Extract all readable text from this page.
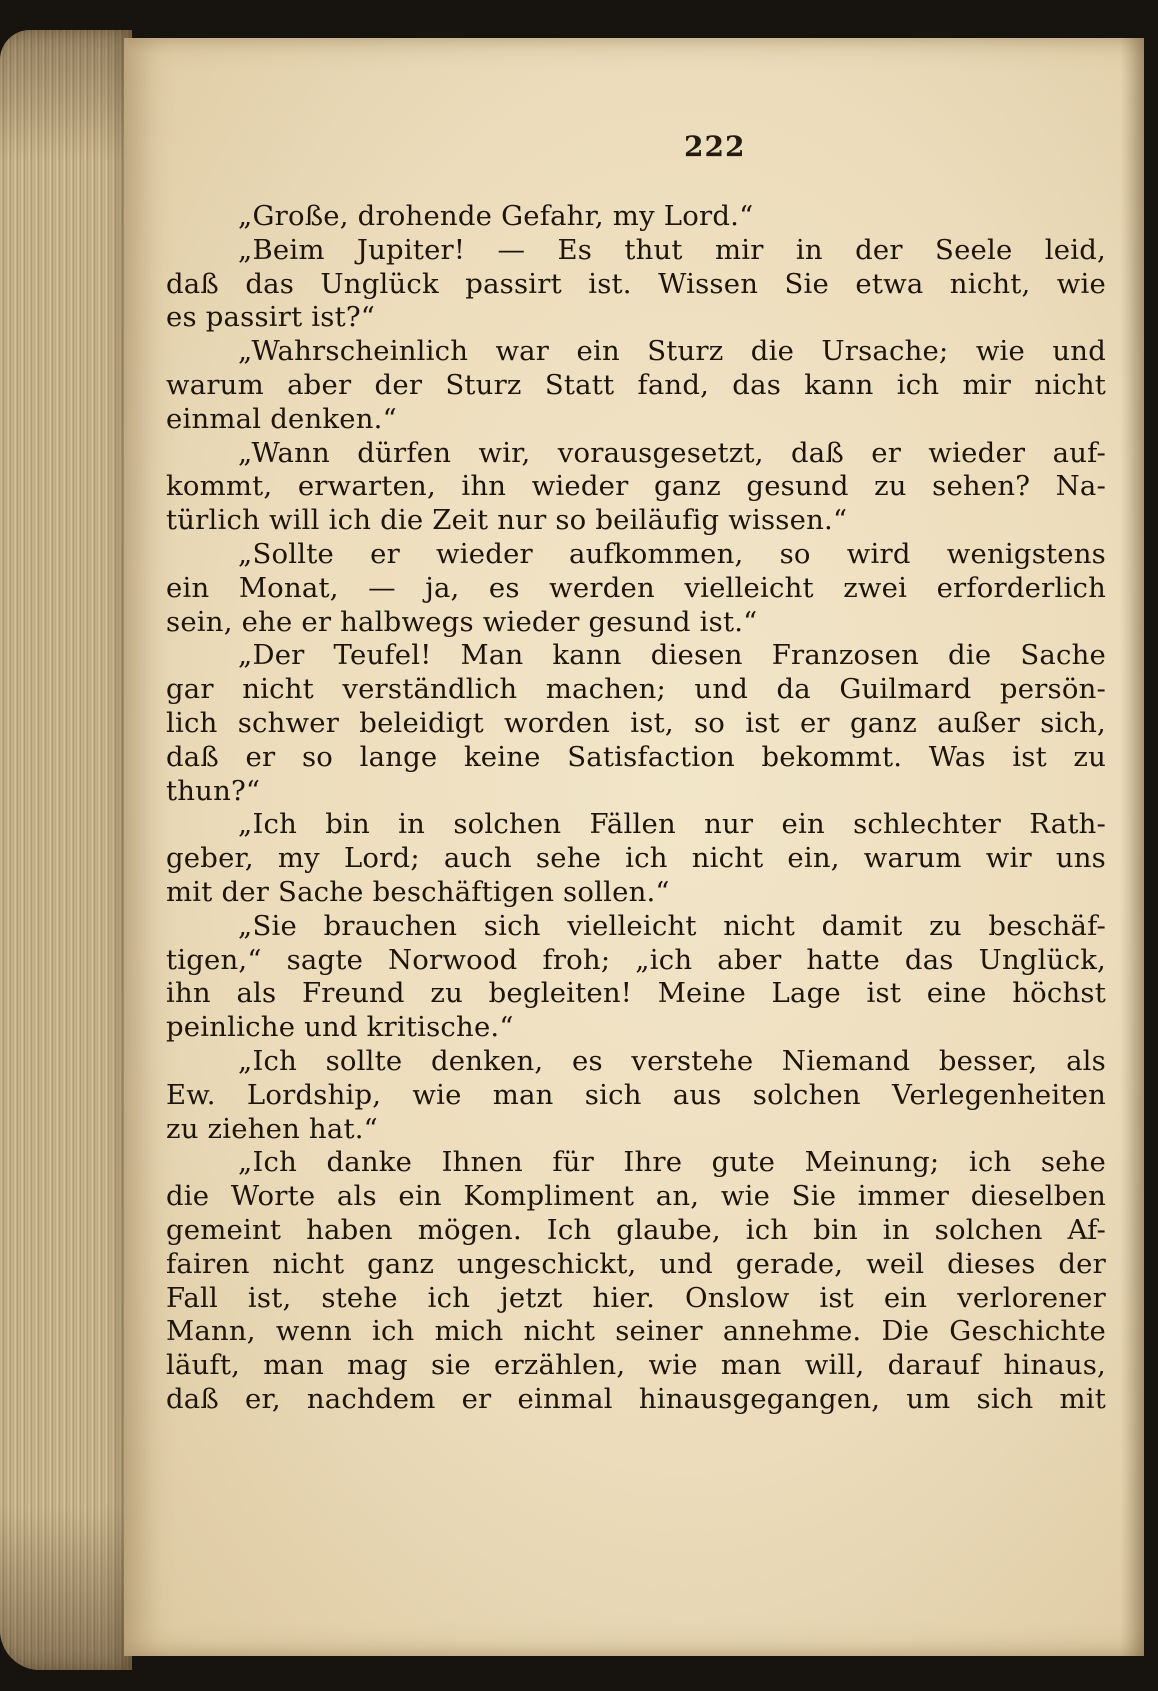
222
„Große, drohende Gefahr, my Lord.“
„Beim Jupiter! — Es thut mir in der Seele leid,
daß das Unglück passirt ist. Wissen Sie etwa nicht, wie
es passirt ist?“
„Wahrscheinlich war ein Sturz die Ursache; wie und
warum aber der Sturz Statt fand, das kann ich mir nicht
einmal denken.“
„Wann dürfen wir, vorausgesetzt, daß er wieder auf-
kommt, erwarten, ihn wieder ganz gesund zu sehen? Na-
türlich will ich die Zeit nur so beiläufig wissen.“
„Sollte er wieder aufkommen, so wird wenigstens
ein Monat, — ja, es werden vielleicht zwei erforderlich
sein, ehe er halbwegs wieder gesund ist.“
„Der Teufel! Man kann diesen Franzosen die Sache
gar nicht verständlich machen; und da Guilmard persön-
lich schwer beleidigt worden ist, so ist er ganz außer sich,
daß er so lange keine Satisfaction bekommt. Was ist zu
thun?“
„Ich bin in solchen Fällen nur ein schlechter Rath-
geber, my Lord; auch sehe ich nicht ein, warum wir uns
mit der Sache beschäftigen sollen.“
„Sie brauchen sich vielleicht nicht damit zu beschäf-
tigen,“ sagte Norwood froh; „ich aber hatte das Unglück,
ihn als Freund zu begleiten! Meine Lage ist eine höchst
peinliche und kritische.“
„Ich sollte denken, es verstehe Niemand besser, als
Ew. Lordship, wie man sich aus solchen Verlegenheiten
zu ziehen hat.“
„Ich danke Ihnen für Ihre gute Meinung; ich sehe
die Worte als ein Kompliment an, wie Sie immer dieselben
gemeint haben mögen. Ich glaube, ich bin in solchen Af-
fairen nicht ganz ungeschickt, und gerade, weil dieses der
Fall ist, stehe ich jetzt hier. Onslow ist ein verlorener
Mann, wenn ich mich nicht seiner annehme. Die Geschichte
läuft, man mag sie erzählen, wie man will, darauf hinaus,
daß er, nachdem er einmal hinausgegangen, um sich mit
